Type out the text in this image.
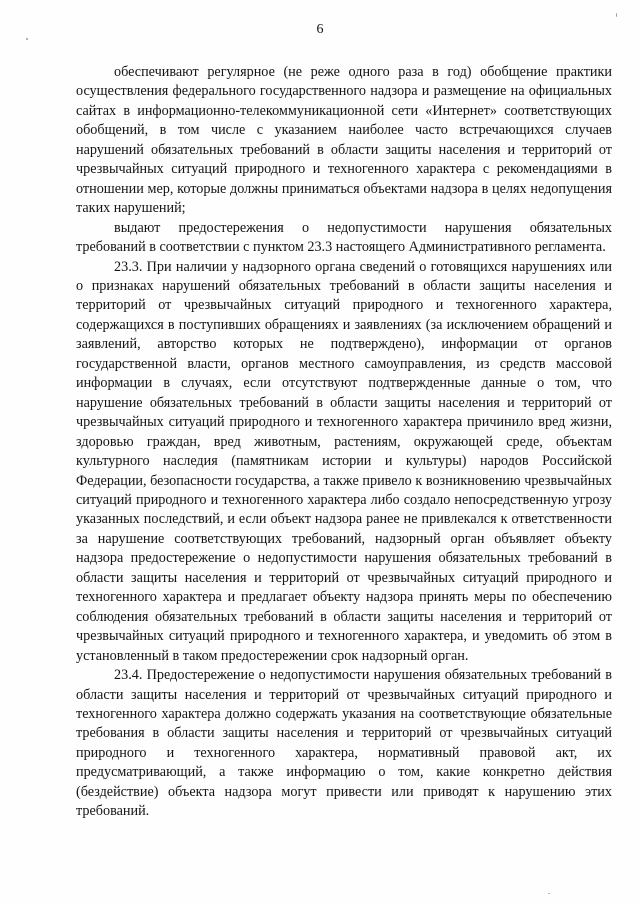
6

обеспечивают регулярное (не реже одного раза в год) обобщение практики осуществления федерального государственного надзора и размещение на официальных сайтах в информационно-телекоммуникационной сети «Интернет» соответствующих обобщений, в том числе с указанием наиболее часто встречающихся случаев нарушений обязательных требований в области защиты населения и территорий от чрезвычайных ситуаций природного и техногенного характера с рекомендациями в отношении мер, которые должны приниматься объектами надзора в целях недопущения таких нарушений;

выдают предостережения о недопустимости нарушения обязательных требований в соответствии с пунктом 23.3 настоящего Административного регламента.

23.3. При наличии у надзорного органа сведений о готовящихся нарушениях или о признаках нарушений обязательных требований в области защиты населения и территорий от чрезвычайных ситуаций природного и техногенного характера, содержащихся в поступивших обращениях и заявлениях (за исключением обращений и заявлений, авторство которых не подтверждено), информации от органов государственной власти, органов местного самоуправления, из средств массовой информации в случаях, если отсутствуют подтвержденные данные о том, что нарушение обязательных требований в области защиты населения и территорий от чрезвычайных ситуаций природного и техногенного характера причинило вред жизни, здоровью граждан, вред животным, растениям, окружающей среде, объектам культурного наследия (памятникам истории и культуры) народов Российской Федерации, безопасности государства, а также привело к возникновению чрезвычайных ситуаций природного и техногенного характера либо создало непосредственную угрозу указанных последствий, и если объект надзора ранее не привлекался к ответственности за нарушение соответствующих требований, надзорный орган объявляет объекту надзора предостережение о недопустимости нарушения обязательных требований в области защиты населения и территорий от чрезвычайных ситуаций природного и техногенного характера и предлагает объекту надзора принять меры по обеспечению соблюдения обязательных требований в области защиты населения и территорий от чрезвычайных ситуаций природного и техногенного характера, и уведомить об этом в установленный в таком предостережении срок надзорный орган.

23.4. Предостережение о недопустимости нарушения обязательных требований в области защиты населения и территорий от чрезвычайных ситуаций природного и техногенного характера должно содержать указания на соответствующие обязательные требования в области защиты населения и территорий от чрезвычайных ситуаций природного и техногенного характера, нормативный правовой акт, их предусматривающий, а также информацию о том, какие конкретно действия (бездействие) объекта надзора могут привести или приводят к нарушению этих требований.
